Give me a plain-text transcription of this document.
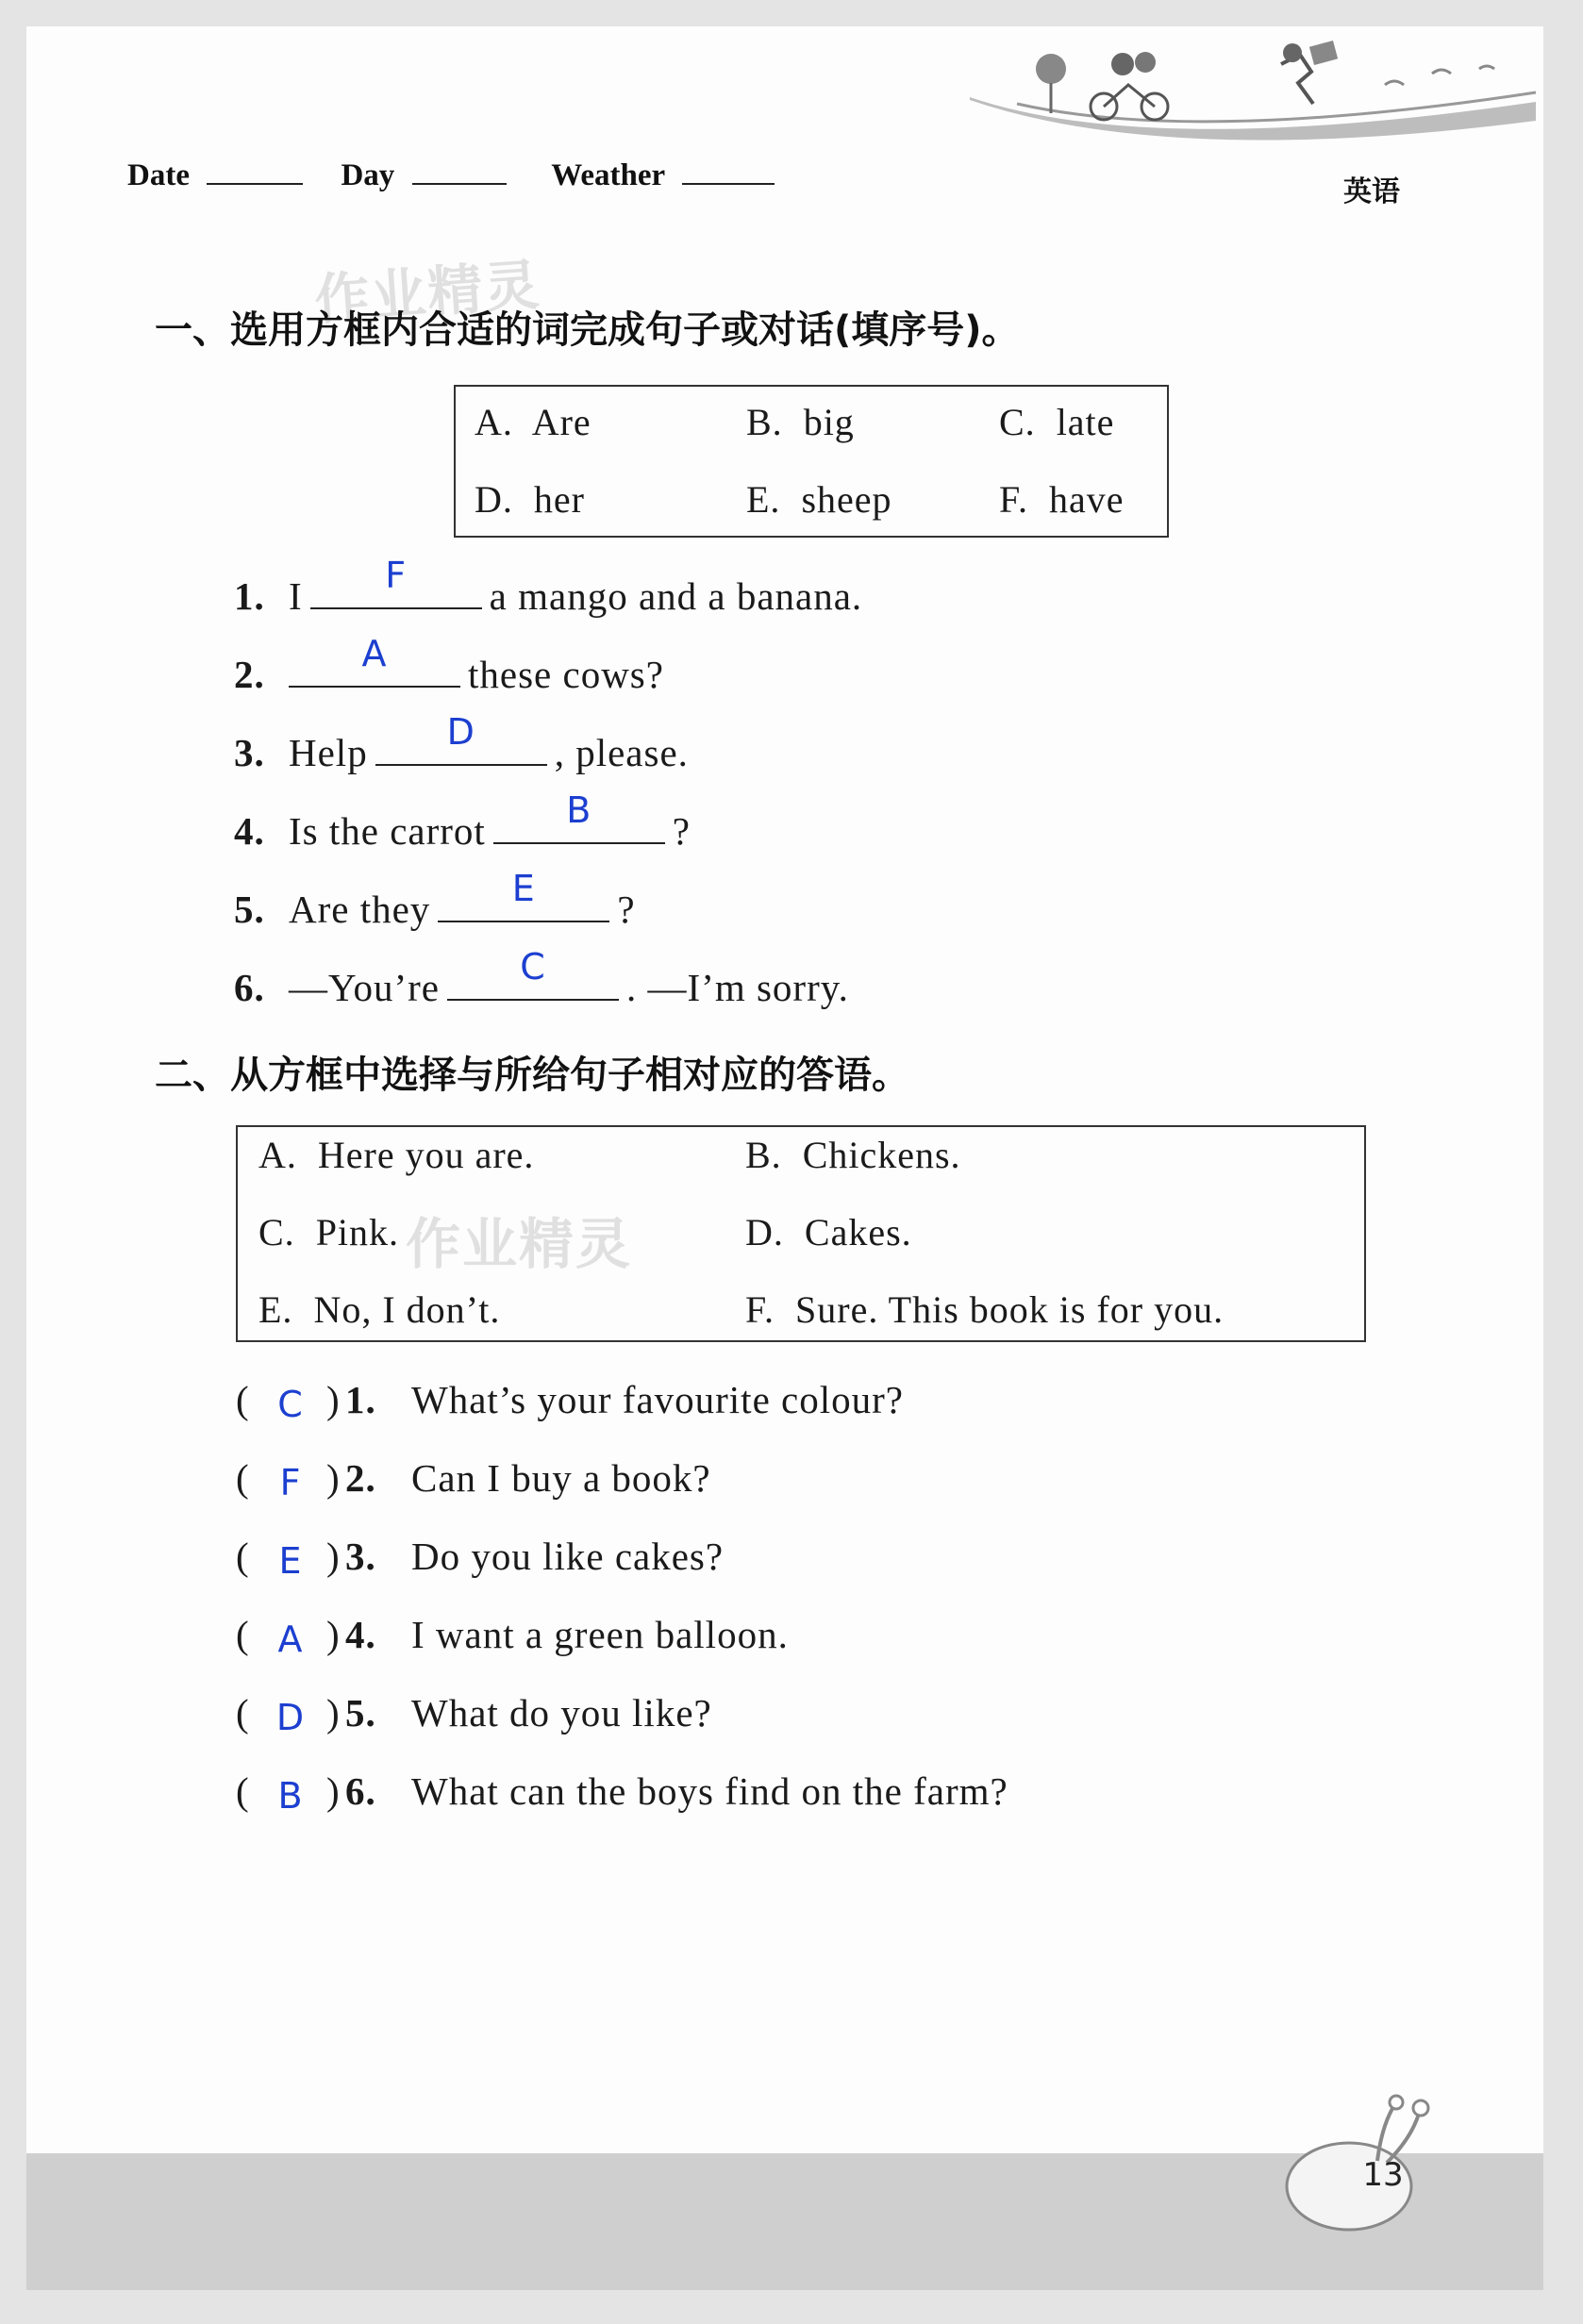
Date	Day	Weather	英语
作业精灵
作业精灵
一、选用方框内合适的词完成句子或对话(填序号)。
A. Are	B. big	C. late
D. her	E. sheep	F. have
1. I	F	a mango and a banana.
2.	A	these cows?
3. Help	D	, please.
4. Is the carrot	B	?
5. Are they	E	?
6. —You’re	C	. —I’m sorry.
二、从方框中选择与所给句子相对应的答语。
A. Here you are.	B. Chickens.
C. Pink.	D. Cakes.
E. No, I don’t.	F. Sure. This book is for you.
( C ) 1. What’s your favourite colour?
( F ) 2. Can I buy a book?
( E ) 3. Do you like cakes?
( A ) 4. I want a green balloon.
( D ) 5. What do you like?
( B ) 6. What can the boys find on the farm?
13
